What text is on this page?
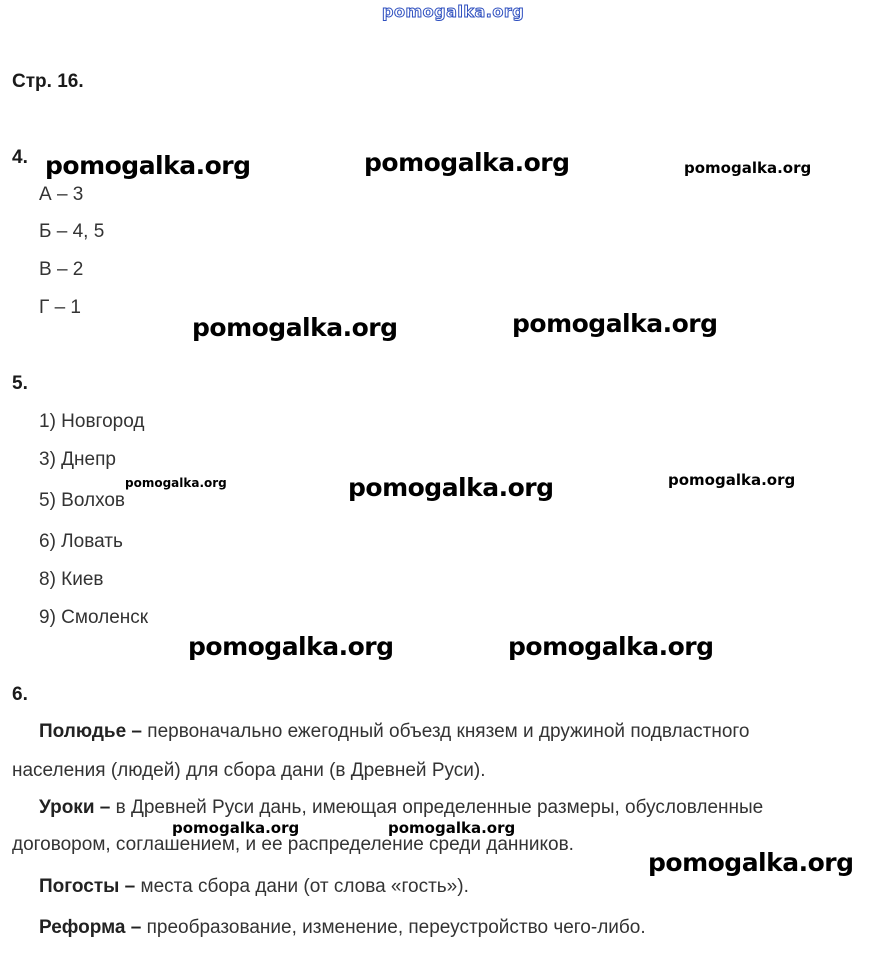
pomogalka.org
Стр. 16.
4.
А – 3
Б – 4, 5
В – 2
Г – 1
5.
1) Новгород
3) Днепр
5) Волхов
6) Ловать
8) Киев
9) Смоленск
6.
Полюдье – первоначально ежегодный объезд князем и дружиной подвластного
населения (людей) для сбора дани (в Древней Руси).
Уроки – в Древней Руси дань, имеющая определенные размеры, обусловленные
договором, соглашением, и ее распределение среди данников.
Погосты – места сбора дани (от слова «гость»).
Реформа – преобразование, изменение, переустройство чего-либо.
pomogalka.org	pomogalka.org	pomogalka.org
pomogalka.org	pomogalka.org
pomogalka.org	pomogalka.org	pomogalka.org
pomogalka.org	pomogalka.org
pomogalka.org	pomogalka.org
pomogalka.org
